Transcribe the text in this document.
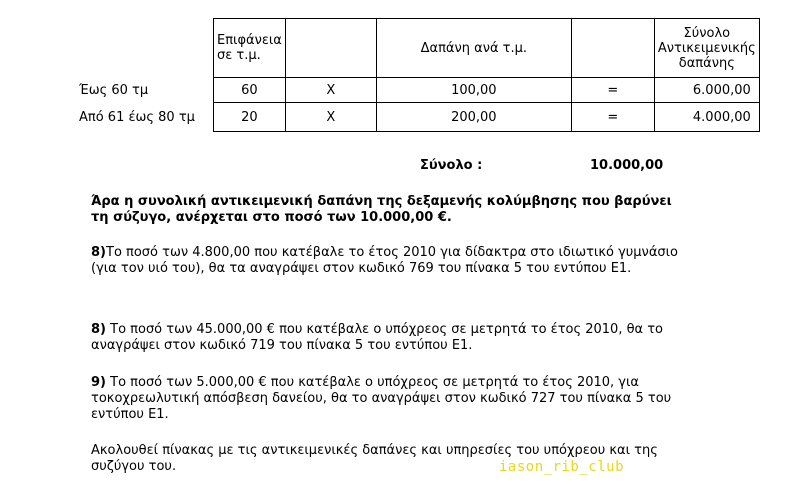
	Επιφάνεια σε τ.μ.		Δαπάνη ανά τ.μ.		Σύνολο Αντικειμενικής δαπάνης
Έως 60 τμ	60	X	100,00	=	6.000,00
Από 61 έως 80 τμ	20	X	200,00	=	4.000,00
Σύνολο :	10.000,00

Άρα η συνολική αντικειμενική δαπάνη της δεξαμενής κολύμβησης που βαρύνει τη σύζυγο, ανέρχεται στο ποσό των 10.000,00 €.

8)Το ποσό των 4.800,00 που κατέβαλε το έτος 2010 για δίδακτρα στο ιδιωτικό γυμνάσιο (για τον υιό του), θα τα αναγράψει στον κωδικό 769 του πίνακα 5 του εντύπου Ε1.

8) Το ποσό των 45.000,00 € που κατέβαλε ο υπόχρεος σε μετρητά το έτος 2010, θα το αναγράψει στον κωδικό 719 του πίνακα 5 του εντύπου Ε1.

9) Το ποσό των 5.000,00 € που κατέβαλε ο υπόχρεος σε μετρητά το έτος 2010, για τοκοχρεωλυτική απόσβεση δανείου, θα το αναγράψει στον κωδικό 727 του πίνακα 5 του εντύπου Ε1.

Ακολουθεί πίνακας με τις αντικειμενικές δαπάνες και υπηρεσίες του υπόχρεου και της συζύγου του.	iason_rib_club
